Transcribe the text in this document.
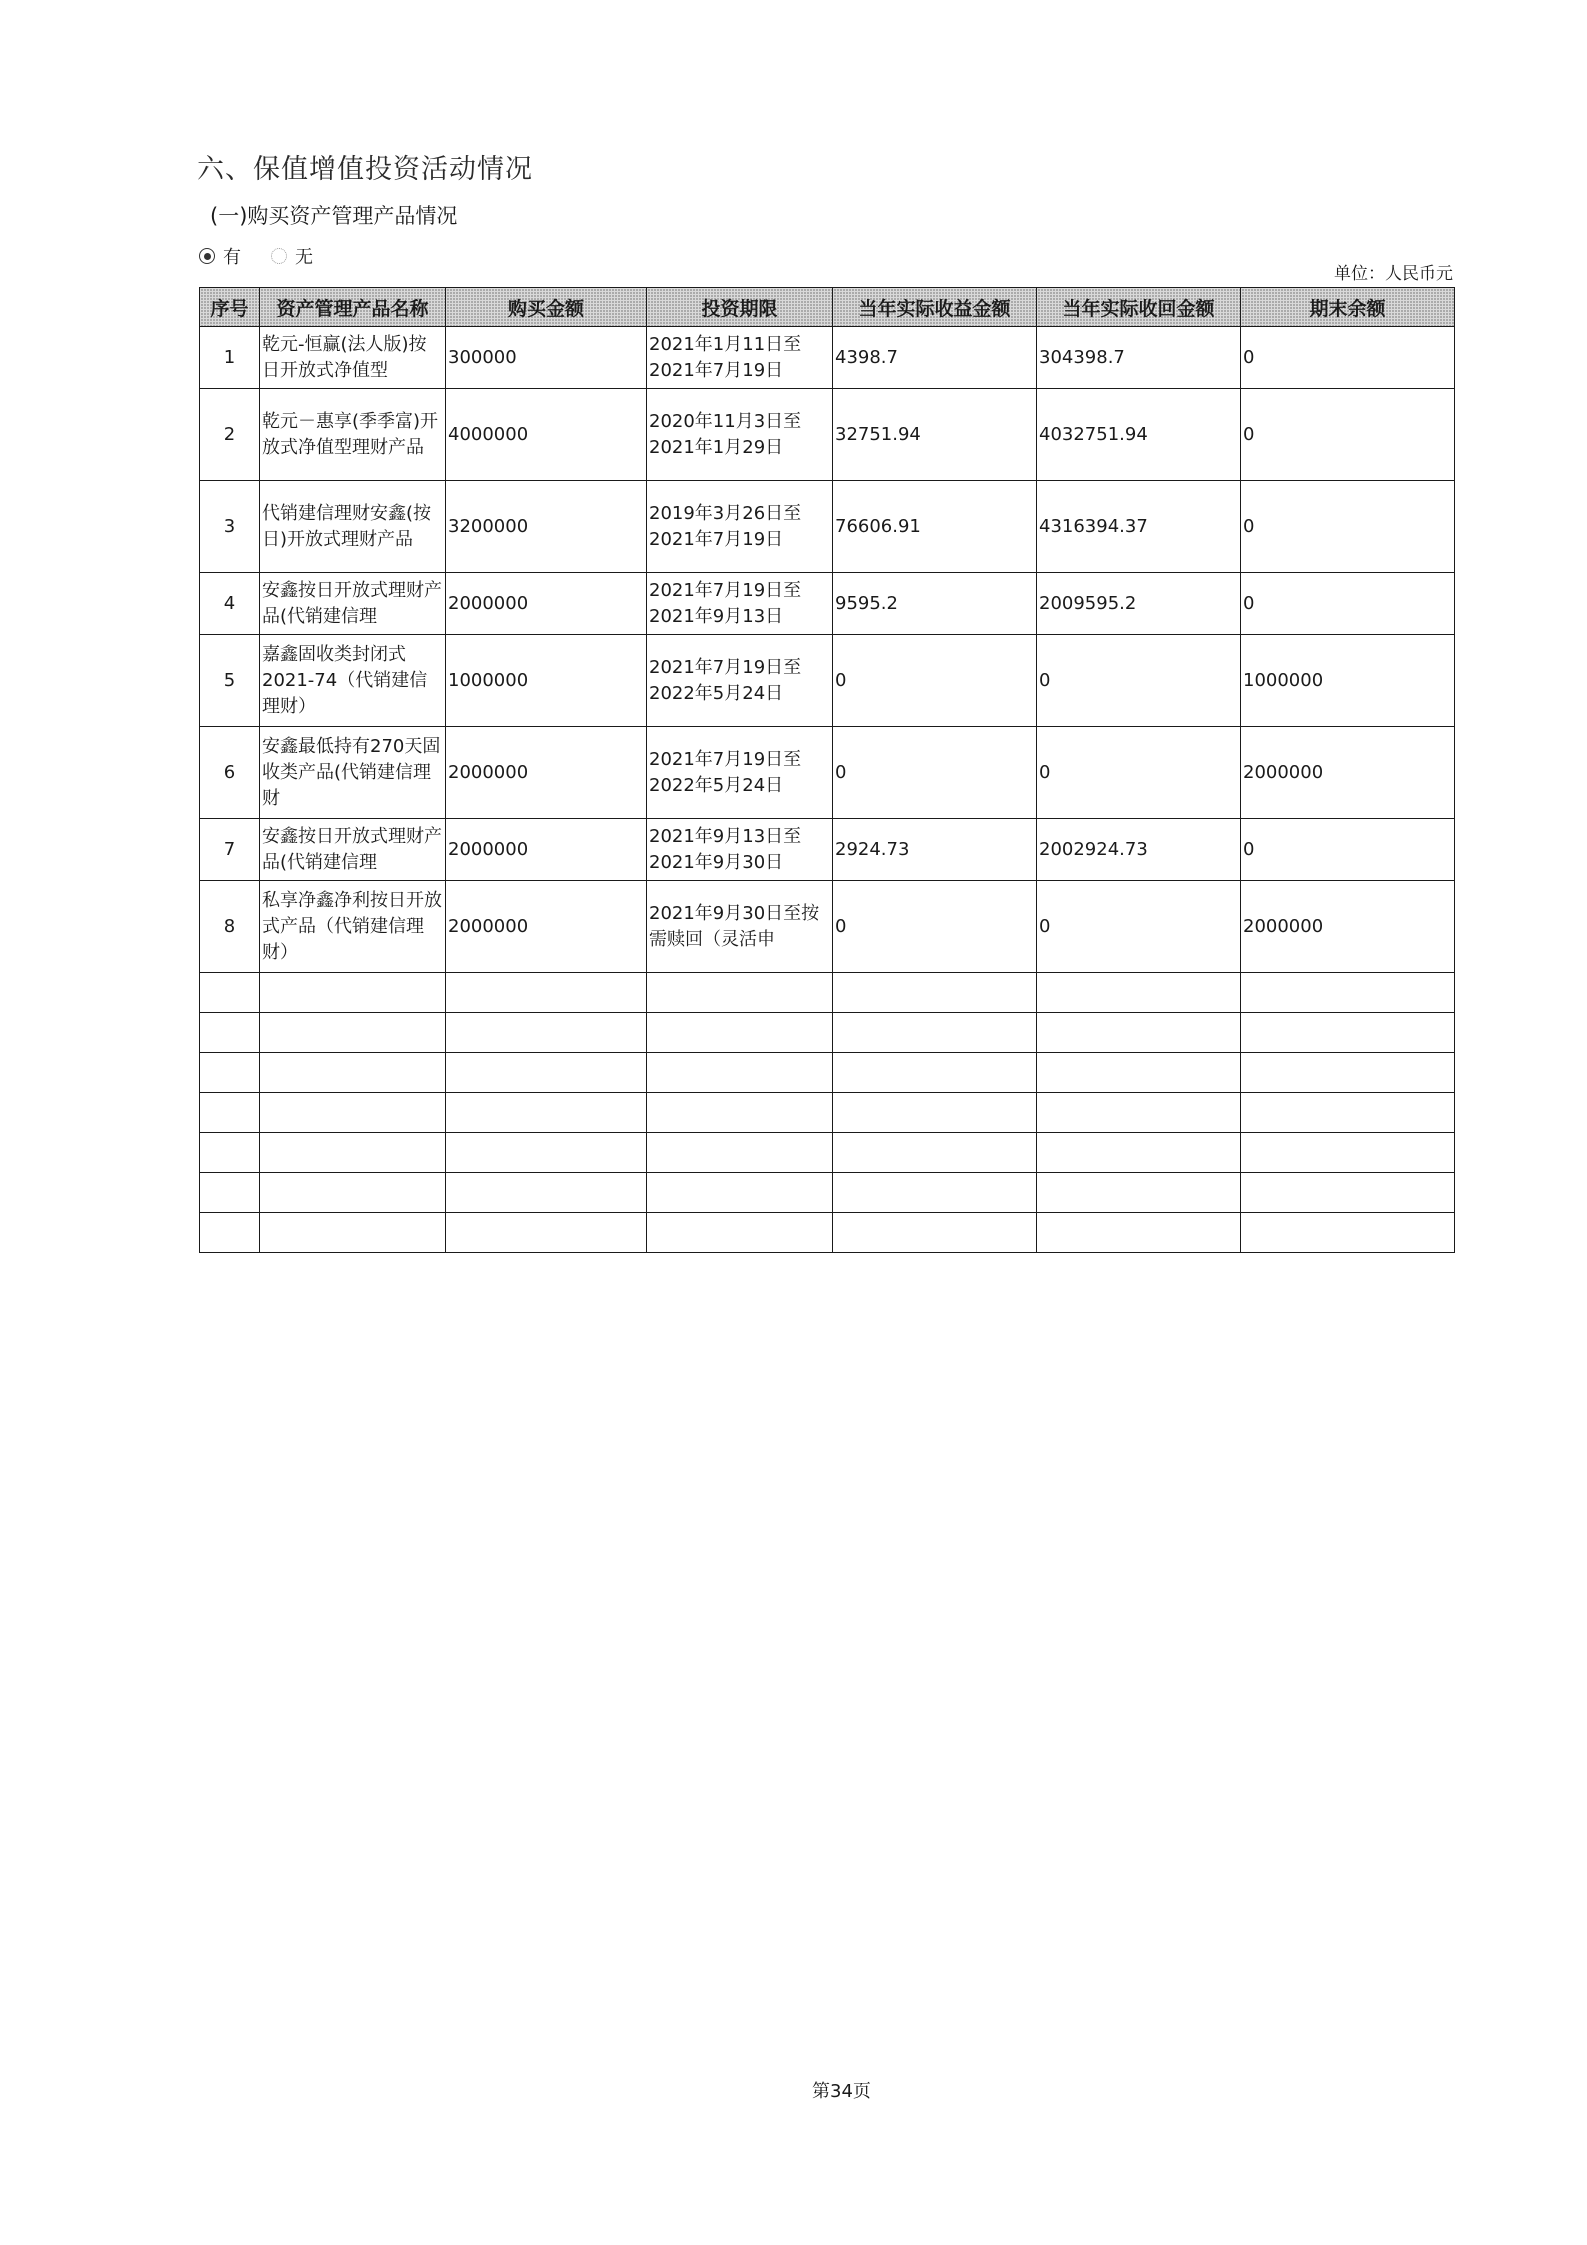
六、保值增值投资活动情况
(一)购买资产管理产品情况
有	无
单位：人民币元
序号	资产管理产品名称	购买金额	投资期限	当年实际收益金额	当年实际收回金额	期末余额
1	乾元-恒赢(法人版)按日开放式净值型	300000	2021年1月11日至2021年7月19日	4398.7	304398.7	0
2	乾元－惠享(季季富)开放式净值型理财产品	4000000	2020年11月3日至2021年1月29日	32751.94	4032751.94	0
3	代销建信理财安鑫(按日)开放式理财产品	3200000	2019年3月26日至2021年7月19日	76606.91	4316394.37	0
4	安鑫按日开放式理财产品(代销建信理	2000000	2021年7月19日至2021年9月13日	9595.2	2009595.2	0
5	嘉鑫固收类封闭式2021-74（代销建信理财）	1000000	2021年7月19日至2022年5月24日	0	0	1000000
6	安鑫最低持有270天固收类产品(代销建信理财	2000000	2021年7月19日至2022年5月24日	0	0	2000000
7	安鑫按日开放式理财产品(代销建信理	2000000	2021年9月13日至2021年9月30日	2924.73	2002924.73	0
8	私享净鑫净利按日开放式产品（代销建信理财）	2000000	2021年9月30日至按需赎回（灵活申	0	0	2000000

第34页
